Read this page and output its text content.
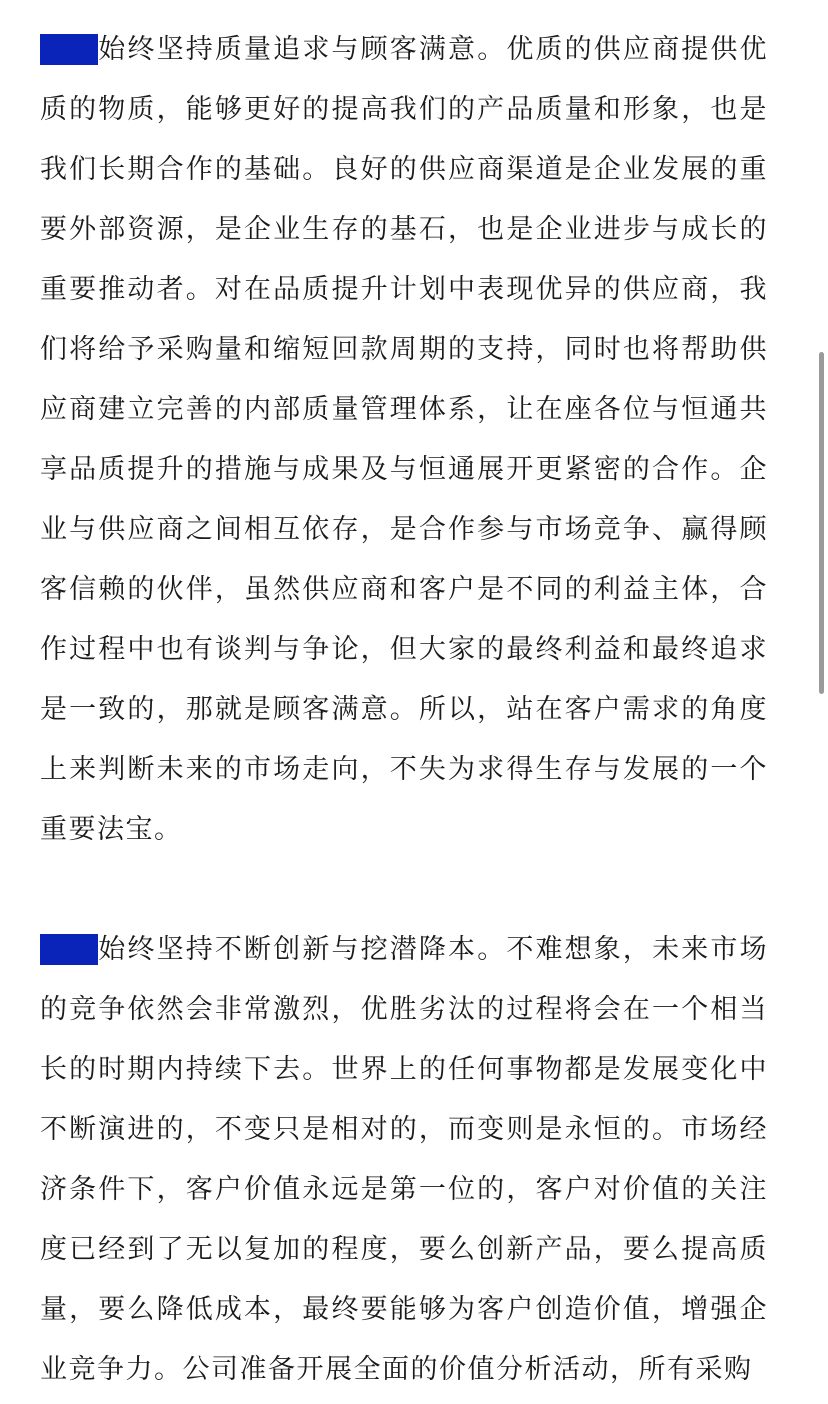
一、始终坚持质量追求与顾客满意。优质的供应商提供优质的物质，能够更好的提高我们的产品质量和形象，也是我们长期合作的基础。良好的供应商渠道是企业发展的重要外部资源，是企业生存的基石，也是企业进步与成长的重要推动者。对在品质提升计划中表现优异的供应商，我们将给予采购量和缩短回款周期的支持，同时也将帮助供应商建立完善的内部质量管理体系，让在座各位与恒通共享品质提升的措施与成果及与恒通展开更紧密的合作。企业与供应商之间相互依存，是合作参与市场竞争、赢得顾客信赖的伙伴，虽然供应商和客户是不同的利益主体，合作过程中也有谈判与争论，但大家的最终利益和最终追求是一致的，那就是顾客满意。所以，站在客户需求的角度上来判断未来的市场走向，不失为求得生存与发展的一个重要法宝。

二、始终坚持不断创新与挖潜降本。不难想象，未来市场的竞争依然会非常激烈，优胜劣汰的过程将会在一个相当长的时期内持续下去。世界上的任何事物都是发展变化中不断演进的，不变只是相对的，而变则是永恒的。市场经济条件下，客户价值永远是第一位的，客户对价值的关注度已经到了无以复加的程度，要么创新产品，要么提高质量，要么降低成本，最终要能够为客户创造价值，增强企业竞争力。公司准备开展全面的价值分析活动，所有采购
